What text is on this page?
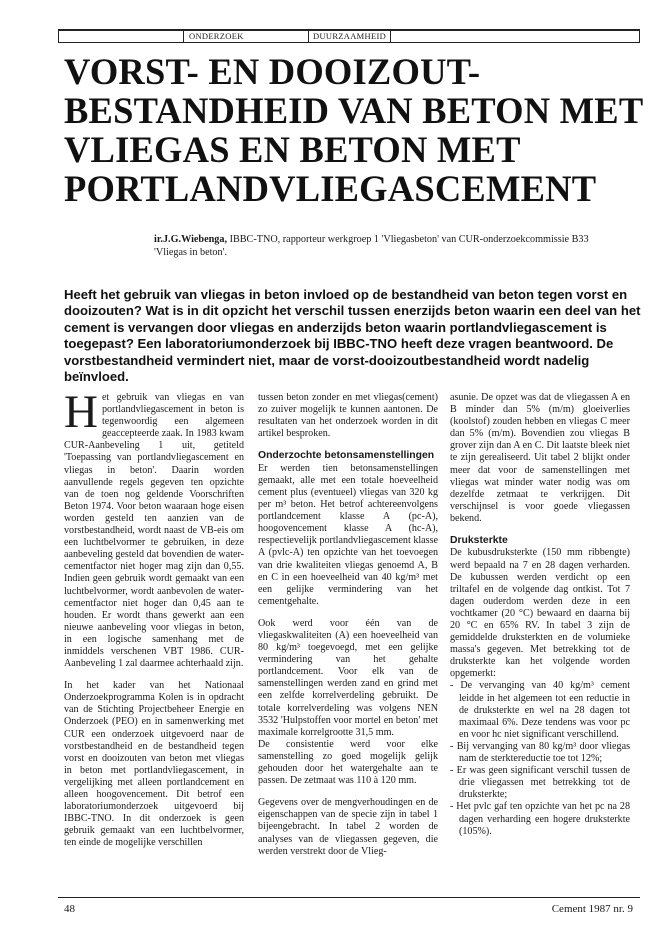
ONDERZOEK	DUURZAAMHEID
VORST- EN DOOIZOUT-BESTANDHEID VAN BETON MET VLIEGAS EN BETON MET PORTLANDVLIEGASCEMENT
ir.J.G.Wiebenga, IBBC-TNO, rapporteur werkgroep 1 'Vliegasbeton' van CUR-onderzoekcommissie B33
'Vliegas in beton'.
Heeft het gebruik van vliegas in beton invloed op de bestandheid van beton tegen vorst en dooizouten? Wat is in dit opzicht het verschil tussen enerzijds beton waarin een deel van het cement is vervangen door vliegas en anderzijds beton waarin portlandvliegascement is toegepast? Een laboratoriumonderzoek bij IBBC-TNO heeft deze vragen beantwoord. De vorstbestandheid vermindert niet, maar de vorst-dooizoutbestandheid wordt nadelig beïnvloed.
H et gebruik van vliegas en van portlandvliegascement in beton is tegenwoordig een algemeen geaccepteerde zaak. In 1983 kwam CUR-Aanbeveling 1 uit, getiteld 'Toepassing van portlandvliegascement en vliegas in beton'. Daarin worden aanvullende regels gegeven ten opzichte van de toen nog geldende Voorschriften Beton 1974. Voor beton waaraan hoge eisen worden gesteld ten aanzien van de vorstbestandheid, wordt naast de VB-eis om een luchtbelvormer te gebruiken, in deze aanbeveling gesteld dat bovendien de water-cementfactor niet hoger mag zijn dan 0,55. Indien geen gebruik wordt gemaakt van een luchtbelvormer, wordt aanbevolen de water-cementfactor niet hoger dan 0,45 aan te houden. Er wordt thans gewerkt aan een nieuwe aanbeveling voor vliegas in beton, in een logische samenhang met de inmiddels verschenen VBT 1986. CUR-Aanbeveling 1 zal daarmee achterhaald zijn.

In het kader van het Nationaal Onderzoekprogramma Kolen is in opdracht van de Stichting Projectbeheer Energie en Onderzoek (PEO) en in samenwerking met CUR een onderzoek uitgevoerd naar de vorstbestandheid en de bestandheid tegen vorst en dooizouten van beton met vliegas in beton met portlandvliegascement, in vergelijking met alleen portlandcement en alleen hoogovencement. Dit betrof een laboratoriumonderzoek uitgevoerd bij IBBC-TNO. In dit onderzoek is geen gebruik gemaakt van een luchtbelvormer, ten einde de mogelijke verschillen

tussen beton zonder en met vliegas(cement) zo zuiver mogelijk te kunnen aantonen. De resultaten van het onderzoek worden in dit artikel besproken.

Onderzochte betonsamenstellingen

Er werden tien betonsamenstellingen gemaakt, alle met een totale hoeveelheid cement plus (eventueel) vliegas van 320 kg per m³ beton. Het betrof achtereenvolgens portlandcement klasse A (pc-A), hoogovencement klasse A (hc-A), respectievelijk portlandvliegascement klasse A (pvlc-A) ten opzichte van het toevoegen van drie kwaliteiten vliegas genoemd A, B en C in een hoeveelheid van 40 kg/m³ met een gelijke vermindering van het cementgehalte.

Ook werd voor één van de vliegaskwaliteiten (A) een hoeveelheid van 80 kg/m³ toegevoegd, met een gelijke vermindering van het gehalte portlandcement. Voor elk van de samenstellingen werden zand en grind met een zelfde korrelverdeling gebruikt. De totale korrelverdeling was volgens NEN 3532 'Hulpstoffen voor mortel en beton' met maximale korrelgrootte 31,5 mm.

De consistentie werd voor elke samenstelling zo goed mogelijk gelijk gehouden door het watergehalte aan te passen. De zetmaat was 110 à 120 mm.

Gegevens over de mengverhoudingen en de eigenschappen van de specie zijn in tabel 1 bijeengebracht. In tabel 2 worden de analyses van de vliegassen gegeven, die werden verstrekt door de Vlieg-

asunie. De opzet was dat de vliegassen A en B minder dan 5% (m/m) gloeiverlies (koolstof) zouden hebben en vliegas C meer dan 5% (m/m). Bovendien zou vliegas B grover zijn dan A en C. Dit laatste bleek niet te zijn gerealiseerd. Uit tabel 2 blijkt onder meer dat voor de samenstellingen met vliegas wat minder water nodig was om dezelfde zetmaat te verkrijgen. Dit verschijnsel is voor goede vliegassen bekend.

Druksterkte

De kubusdruksterkte (150 mm ribbengte) werd bepaald na 7 en 28 dagen verharden. De kubussen werden verdicht op een triltafel en de volgende dag ontkist. Tot 7 dagen ouderdom werden deze in een vochtkamer (20 °C) bewaard en daarna bij 20 °C en 65% RV. In tabel 3 zijn de gemiddelde druksterkten en de volumieke massa's gegeven. Met betrekking tot de druksterkte kan het volgende worden opgemerkt:

- De vervanging van 40 kg/m³ cement leidde in het algemeen tot een reductie in de druksterkte en wel na 28 dagen tot maximaal 6%. Deze tendens was voor pc en voor hc niet significant verschillend.
- Bij vervanging van 80 kg/m³ door vliegas nam de sterktereductie toe tot 12%;
- Er was geen significant verschil tussen de drie vliegassen met betrekking tot de druksterkte;
- Het pvlc gaf ten opzichte van het pc na 28 dagen verharding een hogere druksterkte (105%).
48	Cement 1987 nr. 9
